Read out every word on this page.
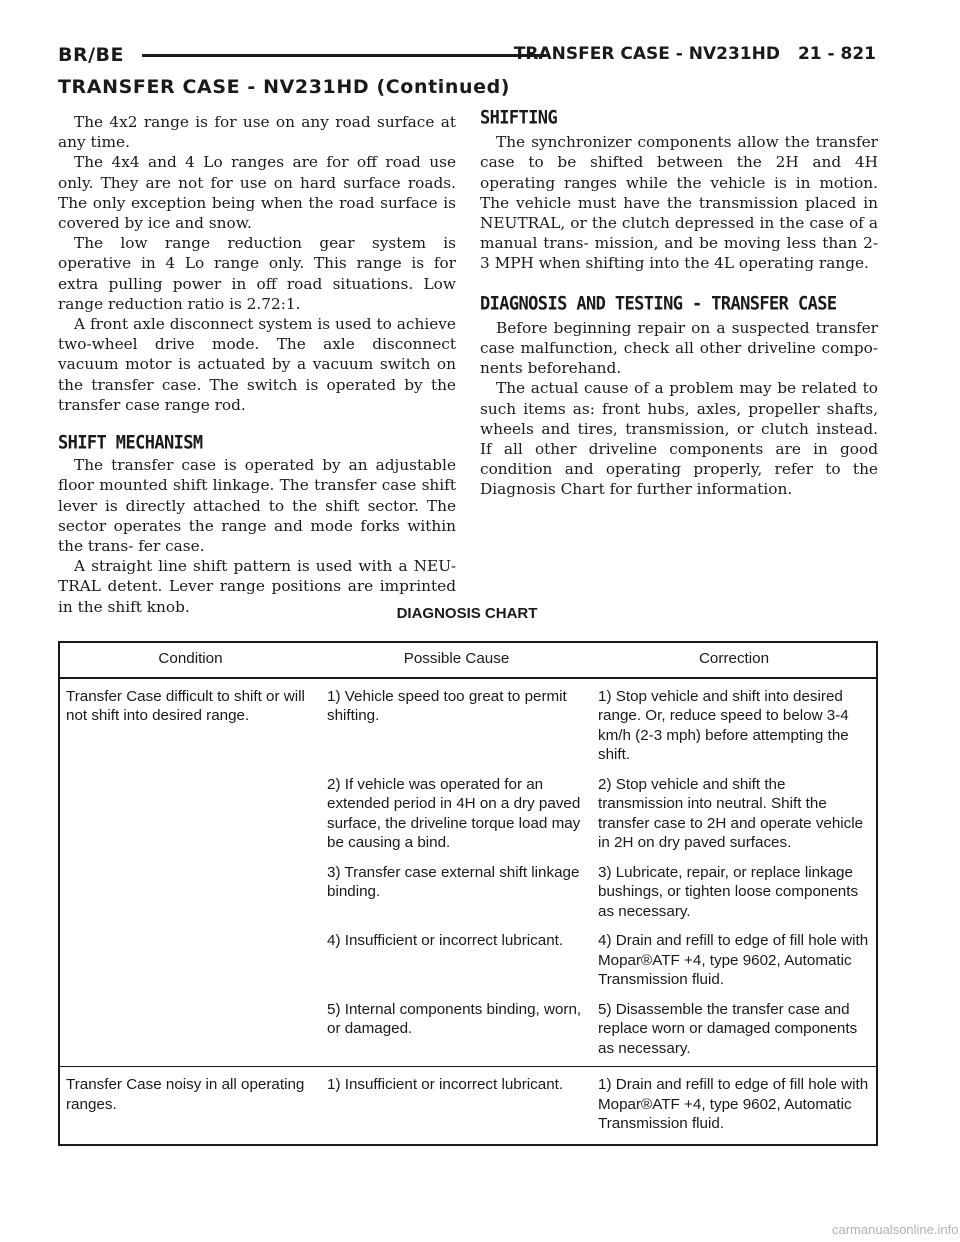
BR/BE	TRANSFER CASE - NV231HD 21 - 821
TRANSFER CASE - NV231HD (Continued)

The 4x2 range is for use on any road surface at any time.

The 4x4 and 4 Lo ranges are for off road use only. They are not for use on hard surface roads. The only exception being when the road surface is covered by ice and snow.

The low range reduction gear system is operative in 4 Lo range only. This range is for extra pulling power in off road situations. Low range reduction ratio is 2.72:1.

A front axle disconnect system is used to achieve two-wheel drive mode. The axle disconnect vacuum motor is actuated by a vacuum switch on the transfer case. The switch is operated by the transfer case range rod.

SHIFT MECHANISM

The transfer case is operated by an adjustable floor mounted shift linkage. The transfer case shift lever is directly attached to the shift sector. The sector operates the range and mode forks within the trans- fer case.

A straight line shift pattern is used with a NEU- TRAL detent. Lever range positions are imprinted in the shift knob.

SHIFTING

The synchronizer components allow the transfer case to be shifted between the 2H and 4H operating ranges while the vehicle is in motion. The vehicle must have the transmission placed in NEUTRAL, or the clutch depressed in the case of a manual trans- mission, and be moving less than 2-3 MPH when shifting into the 4L operating range.

DIAGNOSIS AND TESTING - TRANSFER CASE

Before beginning repair on a suspected transfer case malfunction, check all other driveline compo- nents beforehand.

The actual cause of a problem may be related to such items as: front hubs, axles, propeller shafts, wheels and tires, transmission, or clutch instead. If all other driveline components are in good condition and operating properly, refer to the Diagnosis Chart for further information.

DIAGNOSIS CHART
Condition	Possible Cause	Correction
Transfer Case difficult to shift or will not shift into desired range.	1) Vehicle speed too great to permit shifting.	1) Stop vehicle and shift into desired range. Or, reduce speed to below 3-4 km/h (2-3 mph) before attempting the shift.
	2) If vehicle was operated for an extended period in 4H on a dry paved surface, the driveline torque load may be causing a bind.	2) Stop vehicle and shift the transmission into neutral. Shift the transfer case to 2H and operate vehicle in 2H on dry paved surfaces.
	3) Transfer case external shift linkage binding.	3) Lubricate, repair, or replace linkage bushings, or tighten loose components as necessary.
	4) Insufficient or incorrect lubricant.	4) Drain and refill to edge of fill hole with Mopar®ATF +4, type 9602, Automatic Transmission fluid.
	5) Internal components binding, worn, or damaged.	5) Disassemble the transfer case and replace worn or damaged components as necessary.
Transfer Case noisy in all operating ranges.	1) Insufficient or incorrect lubricant.	1) Drain and refill to edge of fill hole with Mopar®ATF +4, type 9602, Automatic Transmission fluid.
carmanualsonline.info
